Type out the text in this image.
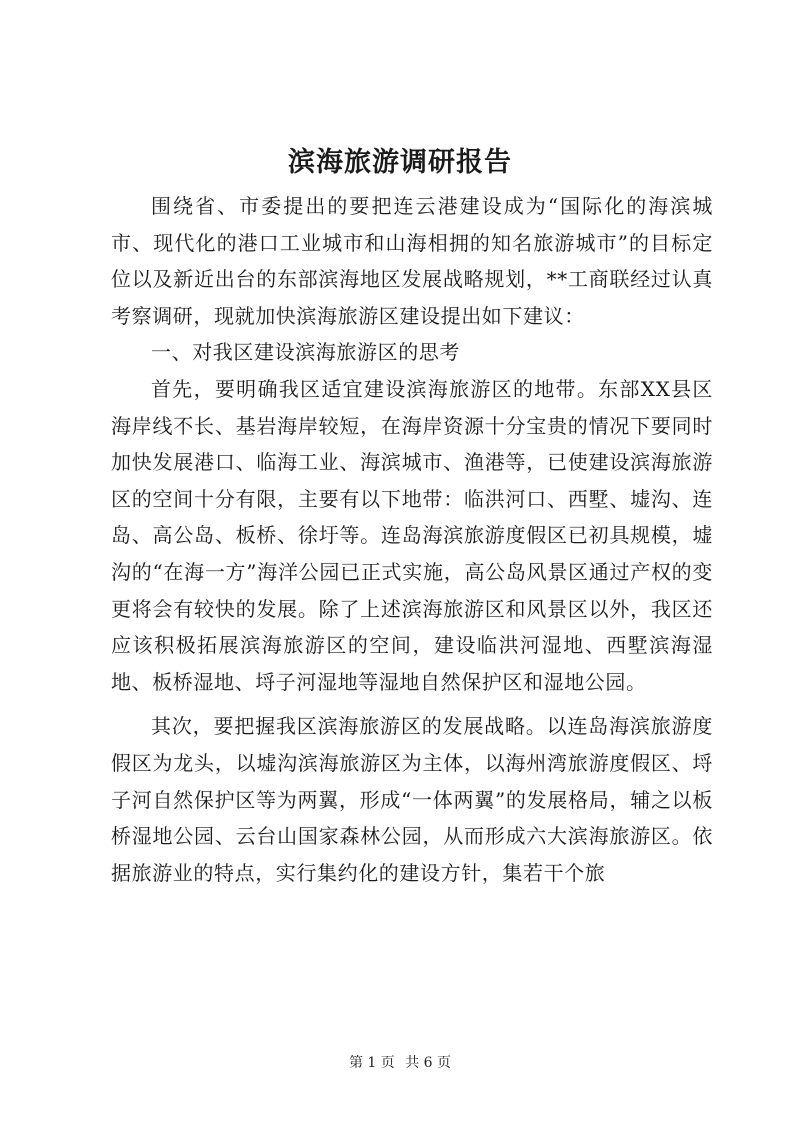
滨海旅游调研报告

围绕省、市委提出的要把连云港建设成为“国际化的海滨城市、现代化的港口工业城市和山海相拥的知名旅游城市”的目标定位以及新近出台的东部滨海地区发展战略规划，**工商联经过认真考察调研，现就加快滨海旅游区建设提出如下建议：

一、对我区建设滨海旅游区的思考

首先，要明确我区适宜建设滨海旅游区的地带。东部XX县区海岸线不长、基岩海岸较短，在海岸资源十分宝贵的情况下要同时加快发展港口、临海工业、海滨城市、渔港等，已使建设滨海旅游区的空间十分有限，主要有以下地带：临洪河口、西墅、墟沟、连岛、高公岛、板桥、徐圩等。连岛海滨旅游度假区已初具规模，墟沟的“在海一方”海洋公园已正式实施，高公岛风景区通过产权的变更将会有较快的发展。除了上述滨海旅游区和风景区以外，我区还应该积极拓展滨海旅游区的空间，建设临洪河湿地、西墅滨海湿地、板桥湿地、埒子河湿地等湿地自然保护区和湿地公园。

其次，要把握我区滨海旅游区的发展战略。以连岛海滨旅游度假区为龙头，以墟沟滨海旅游区为主体，以海州湾旅游度假区、埒子河自然保护区等为两翼，形成“一体两翼”的发展格局，辅之以板桥湿地公园、云台山国家森林公园，从而形成六大滨海旅游区。依据旅游业的特点，实行集约化的建设方针，集若干个旅

第 1 页 共 6 页
